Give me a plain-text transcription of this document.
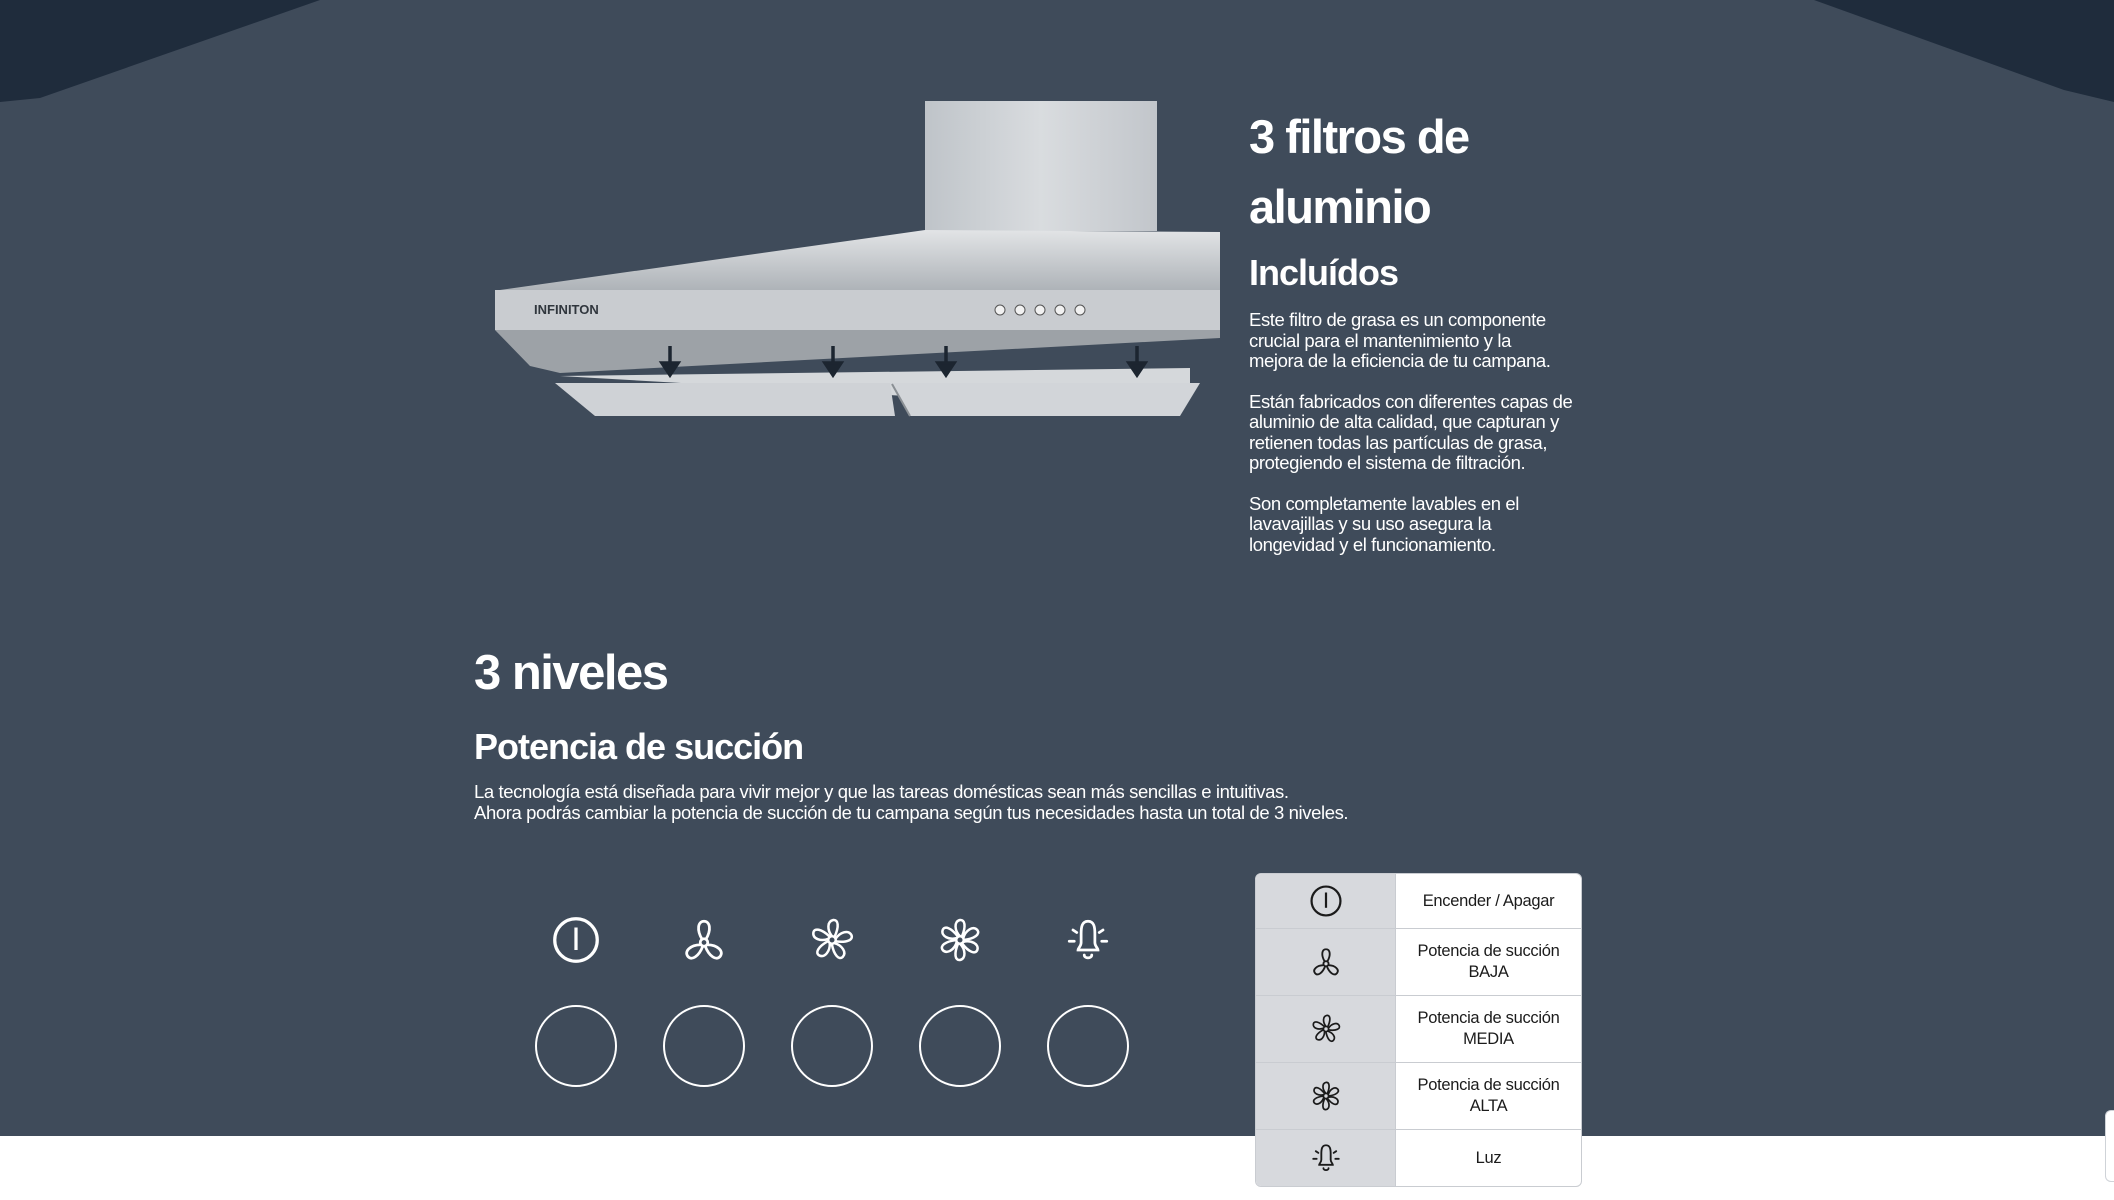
INFINITON
3 filtros de
aluminio
Incluídos

Este filtro de grasa es un componente
crucial para el mantenimiento y la
mejora de la eficiencia de tu campana.

Están fabricados con diferentes capas de
aluminio de alta calidad, que capturan y
retienen todas las partículas de grasa,
protegiendo el sistema de filtración.

Son completamente lavables en el
lavavajillas y su uso asegura la
longevidad y el funcionamiento.

3 niveles
Potencia de succión

La tecnología está diseñada para vivir mejor y que las tareas domésticas sean más sencillas e intuitivas.

Ahora podrás cambiar la potencia de succión de tu campana según tus necesidades hasta un total de 3 niveles.

Encender / Apagar
Potencia de succión
BAJA
Potencia de succión
MEDIA
Potencia de succión
ALTA
Luz
